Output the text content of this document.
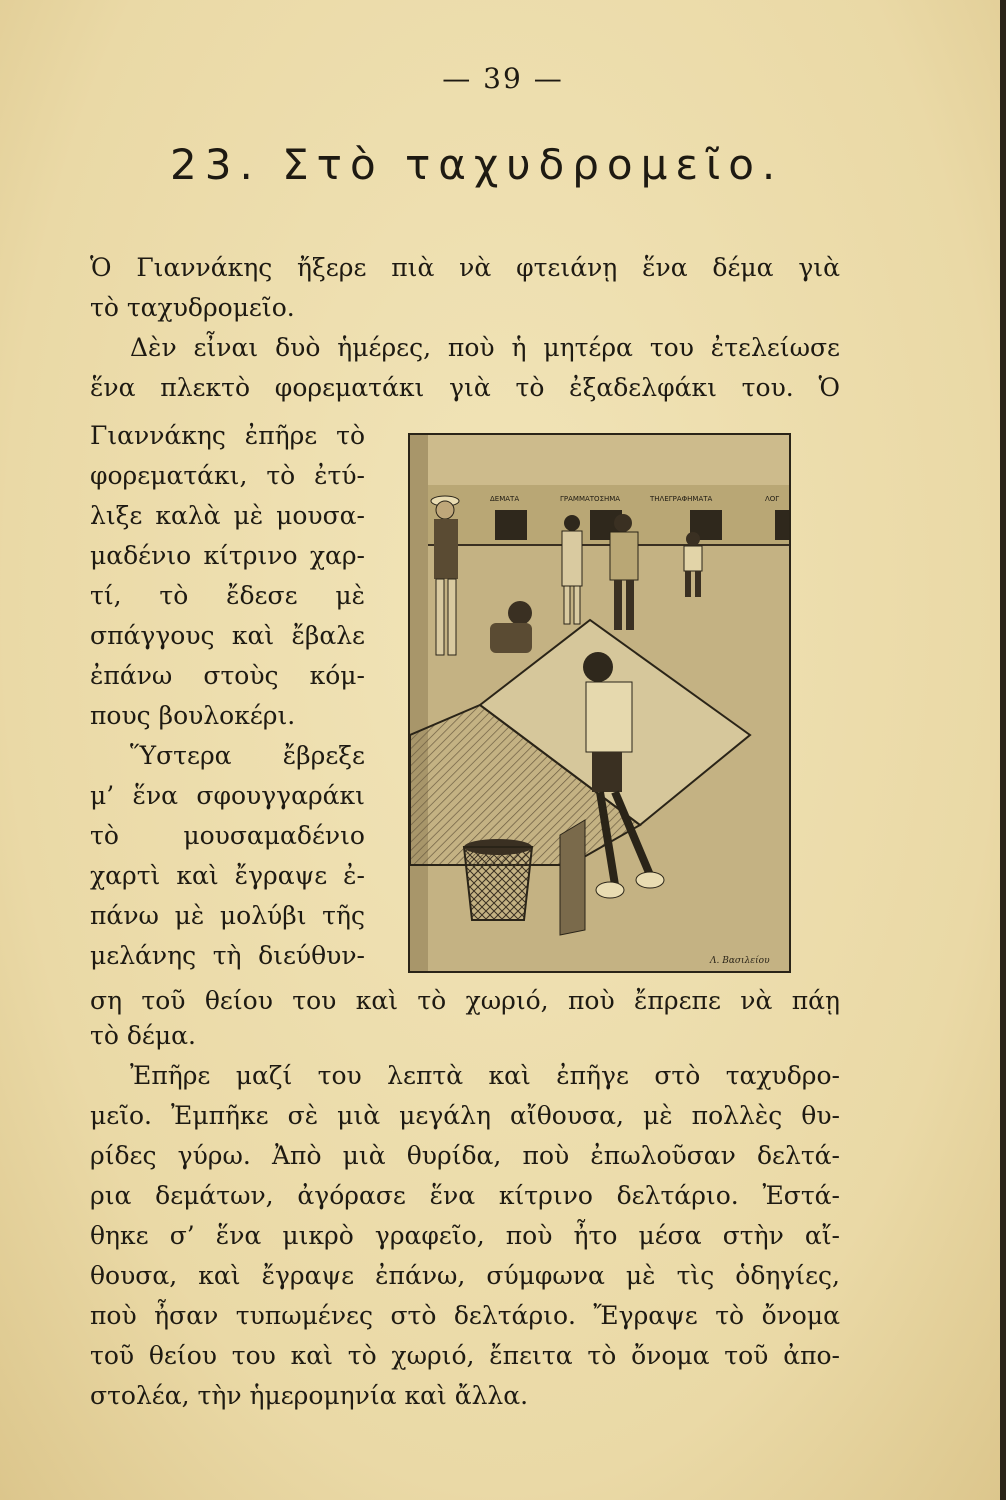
— 39 —
23. Στὸ ταχυδρομεῖο.
Ὁ Γιαννάκης ἤξερε πιὰ νὰ φτειάνῃ ἕνα δέμα γιὰ
τὸ ταχυδρομεῖο.
Δὲν εἶναι δυὸ ἡμέρες, ποὺ ἡ μητέρα του ἐτελείωσε
ἕνα πλεκτὸ φορεματάκι γιὰ τὸ ἐξαδελφάκι του. Ὁ
Γιαννάκης ἐπῆρε τὸ
φορεματάκι, τὸ ἐτύ-
λιξε καλὰ μὲ μουσα-
μαδένιο κίτρινο χαρ-
τί, τὸ ἔδεσε μὲ
σπάγγους καὶ ἔβαλε
ἐπάνω στοὺς κόμ-
πους βουλοκέρι.
Ὕστερα ἔβρεξε
μ’ ἕνα σφουγγαράκι
τὸ μουσαμαδένιο
χαρτὶ καὶ ἔγραψε ἐ-
πάνω μὲ μολύβι τῆς
μελάνης τὴ διεύθυν-
ση τοῦ θείου του καὶ τὸ χωριό, ποὺ ἔπρεπε νὰ πάῃ
τὸ δέμα.
Ἐπῆρε μαζί του λεπτὰ καὶ ἐπῆγε στὸ ταχυδρο-
μεῖο. Ἐμπῆκε σὲ μιὰ μεγάλη αἴθουσα, μὲ πολλὲς θυ-
ρίδες γύρω. Ἀπὸ μιὰ θυρίδα, ποὺ ἐπωλοῦσαν δελτά-
ρια δεμάτων, ἀγόρασε ἕνα κίτρινο δελτάριο. Ἐστά-
θηκε σ’ ἕνα μικρὸ γραφεῖο, ποὺ ἦτο μέσα στὴν αἴ-
θουσα, καὶ ἔγραψε ἐπάνω, σύμφωνα μὲ τὶς ὁδηγίες,
ποὺ ἦσαν τυπωμένες στὸ δελτάριο. Ἔγραψε τὸ ὄνομα
τοῦ θείου του καὶ τὸ χωριό, ἔπειτα τὸ ὄνομα τοῦ ἀπο-
στολέα, τὴν ἡμερομηνία καὶ ἄλλα.
ΔΕΜΑΤΑ	ΓΡΑΜΜΑΤΟΣΗΜΑ	ΤΗΛΕΓΡΑΦΗΜΑΤΑ	ΛΟΓ
Λ. Βασιλείου
